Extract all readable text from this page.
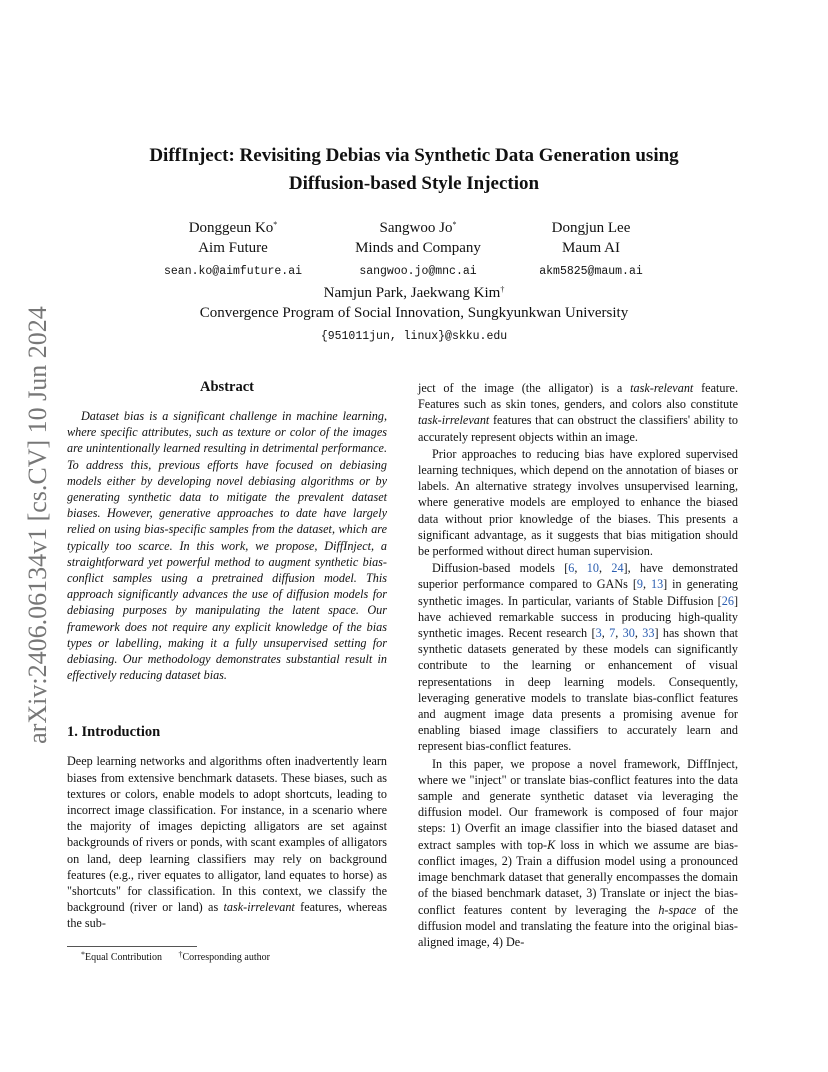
arXiv:2406.06134v1 [cs.CV] 10 Jun 2024
DiffInject: Revisiting Debias via Synthetic Data Generation using
Diffusion-based Style Injection
Donggeun Ko*
Aim Future
sean.ko@aimfuture.ai
Sangwoo Jo*
Minds and Company
sangwoo.jo@mnc.ai
Dongjun Lee
Maum AI
akm5825@maum.ai
Namjun Park, Jaekwang Kim†
Convergence Program of Social Innovation, Sungkyunkwan University
{951011jun, linux}@skku.edu
Abstract

Dataset bias is a significant challenge in machine learning, where specific attributes, such as texture or color of the images are unintentionally learned resulting in detrimental performance. To address this, previous efforts have focused on debiasing models either by developing novel debiasing algorithms or by generating synthetic data to mitigate the prevalent dataset biases. However, generative approaches to date have largely relied on using bias-specific samples from the dataset, which are typically too scarce. In this work, we propose, DiffInject, a straightforward yet powerful method to augment synthetic bias-conflict samples using a pretrained diffusion model. This approach significantly advances the use of diffusion models for debiasing purposes by manipulating the latent space. Our framework does not require any explicit knowledge of the bias types or labelling, making it a fully unsupervised setting for debiasing. Our methodology demonstrates substantial result in effectively reducing dataset bias.

1. Introduction

Deep learning networks and algorithms often inadvertently learn biases from extensive benchmark datasets. These biases, such as textures or colors, enable models to adopt shortcuts, leading to incorrect image classification. For instance, in a scenario where the majority of images depicting alligators are set against backgrounds of rivers or ponds, with scant examples of alligators on land, deep learning classifiers may rely on background features (e.g., river equates to alligator, land equates to horse) as "shortcuts" for classification. In this context, we classify the background (river or land) as task-irrelevant features, whereas the sub-

ject of the image (the alligator) is a task-relevant feature. Features such as skin tones, genders, and colors also constitute task-irrelevant features that can obstruct the classifiers' ability to accurately represent objects within an image.

Prior approaches to reducing bias have explored supervised learning techniques, which depend on the annotation of biases or labels. An alternative strategy involves unsupervised learning, where generative models are employed to enhance the biased data without prior knowledge of the biases. This presents a significant advantage, as it suggests that bias mitigation should be performed without direct human supervision.

Diffusion-based models [6, 10, 24], have demonstrated superior performance compared to GANs [9, 13] in generating synthetic images. In particular, variants of Stable Diffusion [26] have achieved remarkable success in producing high-quality synthetic images. Recent research [3, 7, 30, 33] has shown that synthetic datasets generated by these models can significantly contribute to the learning or enhancement of visual representations in deep learning models. Consequently, leveraging generative models to translate bias-conflict features and augment image data presents a promising avenue for enabling biased image classifiers to accurately learn and represent bias-conflict features.

In this paper, we propose a novel framework, DiffInject, where we "inject" or translate bias-conflict features into the data sample and generate synthetic dataset via leveraging the diffusion model. Our framework is composed of four major steps: 1) Overfit an image classifier into the biased dataset and extract samples with top-K loss in which we assume are bias-conflict images, 2) Train a diffusion model using a pronounced image benchmark dataset that generally encompasses the domain of the biased benchmark dataset, 3) Translate or inject the bias-conflict features content by leveraging the h-space of the diffusion model and translating the feature into the original bias-aligned image, 4) De-

*Equal Contribution †Corresponding author
